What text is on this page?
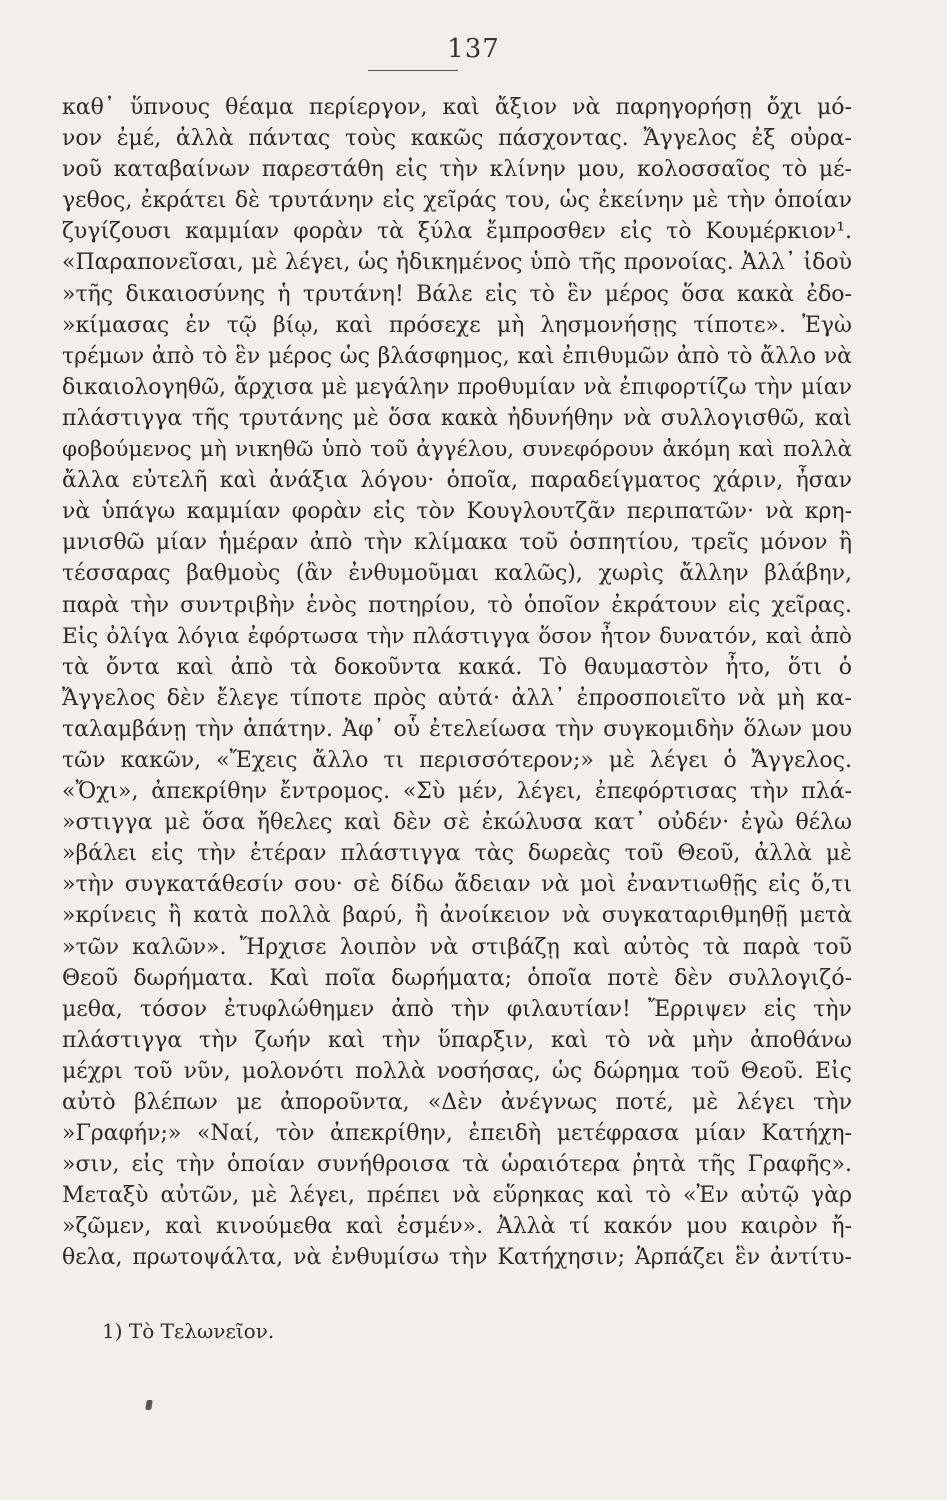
137
καθ᾽ ὕπνους θέαμα περίεργον, καὶ ἄξιον νὰ παρηγορήσῃ ὄχι μό-
νον ἐμέ, ἀλλὰ πάντας τοὺς κακῶς πάσχοντας. Ἄγγελος ἐξ οὐρα-
νοῦ καταβαίνων παρεστάθη εἰς τὴν κλίνην μου, κολοσσαῖος τὸ μέ-
γεθος, ἐκράτει δὲ τρυτάνην εἰς χεῖράς του, ὡς ἐκείνην μὲ τὴν ὁποίαν
ζυγίζουσι καμμίαν φορὰν τὰ ξύλα ἔμπροσθεν εἰς τὸ Κουμέρκιον¹.
«Παραπονεῖσαι, μὲ λέγει, ὡς ἠδικημένος ὑπὸ τῆς προνοίας. Ἀλλ᾽ ἰδοὺ
»τῆς δικαιοσύνης ἡ τρυτάνη! Βάλε εἰς τὸ ἓν μέρος ὅσα κακὰ ἐδο-
»κίμασας ἐν τῷ βίῳ, καὶ πρόσεχε μὴ λησμονήσῃς τίποτε». Ἐγὼ
τρέμων ἀπὸ τὸ ἓν μέρος ὡς βλάσφημος, καὶ ἐπιθυμῶν ἀπὸ τὸ ἄλλο νὰ
δικαιολογηθῶ, ἄρχισα μὲ μεγάλην προθυμίαν νὰ ἐπιφορτίζω τὴν μίαν
πλάστιγγα τῆς τρυτάνης μὲ ὅσα κακὰ ἠδυνήθην νὰ συλλογισθῶ, καὶ
φοβούμενος μὴ νικηθῶ ὑπὸ τοῦ ἀγγέλου, συνεφόρουν ἀκόμη καὶ πολλὰ
ἄλλα εὐτελῆ καὶ ἀνάξια λόγου· ὁποῖα, παραδείγματος χάριν, ἦσαν
νὰ ὑπάγω καμμίαν φορὰν εἰς τὸν Κουγλουτζᾶν περιπατῶν· νὰ κρη-
μνισθῶ μίαν ἡμέραν ἀπὸ τὴν κλίμακα τοῦ ὁσπητίου, τρεῖς μόνον ἢ
τέσσαρας βαθμοὺς (ἂν ἐνθυμοῦμαι καλῶς), χωρὶς ἄλλην βλάβην,
παρὰ τὴν συντριβὴν ἑνὸς ποτηρίου, τὸ ὁποῖον ἐκράτουν εἰς χεῖρας.
Εἰς ὀλίγα λόγια ἐφόρτωσα τὴν πλάστιγγα ὅσον ἦτον δυνατόν, καὶ ἀπὸ
τὰ ὄντα καὶ ἀπὸ τὰ δοκοῦντα κακά. Τὸ θαυμαστὸν ἦτο, ὅτι ὁ
Ἄγγελος δὲν ἔλεγε τίποτε πρὸς αὐτά· ἀλλ᾽ ἐπροσποιεῖτο νὰ μὴ κα-
ταλαμβάνῃ τὴν ἀπάτην. Ἀφ᾽ οὗ ἐτελείωσα τὴν συγκομιδὴν ὅλων μου
τῶν κακῶν, «Ἔχεις ἄλλο τι περισσότερον;» μὲ λέγει ὁ Ἄγγελος.
«Ὄχι», ἀπεκρίθην ἔντρομος. «Σὺ μέν, λέγει, ἐπεφόρτισας τὴν πλά-
»στιγγα μὲ ὅσα ἤθελες καὶ δὲν σὲ ἐκώλυσα κατ᾽ οὐδέν· ἐγὼ θέλω
»βάλει εἰς τὴν ἑτέραν πλάστιγγα τὰς δωρεὰς τοῦ Θεοῦ, ἀλλὰ μὲ
»τὴν συγκατάθεσίν σου· σὲ δίδω ἄδειαν νὰ μοὶ ἐναντιωθῇς εἰς ὅ,τι
»κρίνεις ἢ κατὰ πολλὰ βαρύ, ἢ ἀνοίκειον νὰ συγκαταριθμηθῇ μετὰ
»τῶν καλῶν». Ἤρχισε λοιπὸν νὰ στιβάζῃ καὶ αὐτὸς τὰ παρὰ τοῦ
Θεοῦ δωρήματα. Καὶ ποῖα δωρήματα; ὁποῖα ποτὲ δὲν συλλογιζό-
μεθα, τόσον ἐτυφλώθημεν ἀπὸ τὴν φιλαυτίαν! Ἔρριψεν εἰς τὴν
πλάστιγγα τὴν ζωήν καὶ τὴν ὕπαρξιν, καὶ τὸ νὰ μὴν ἀποθάνω
μέχρι τοῦ νῦν, μολονότι πολλὰ νοσήσας, ὡς δώρημα τοῦ Θεοῦ. Εἰς
αὐτὸ βλέπων με ἀποροῦντα, «Δὲν ἀνέγνως ποτέ, μὲ λέγει τὴν
»Γραφήν;» «Ναί, τὸν ἀπεκρίθην, ἐπειδὴ μετέφρασα μίαν Κατήχη-
»σιν, εἰς τὴν ὁποίαν συνήθροισα τὰ ὡραιότερα ῥητὰ τῆς Γραφῆς».
Μεταξὺ αὐτῶν, μὲ λέγει, πρέπει νὰ εὕρηκας καὶ τὸ «Ἐν αὐτῷ γὰρ
»ζῶμεν, καὶ κινούμεθα καὶ ἐσμέν». Ἀλλὰ τί κακόν μου καιρὸν ἤ-
θελα, πρωτοψάλτα, νὰ ἐνθυμίσω τὴν Κατήχησιν; Ἁρπάζει ἓν ἀντίτυ-
1) Τὸ Τελωνεῖον.
